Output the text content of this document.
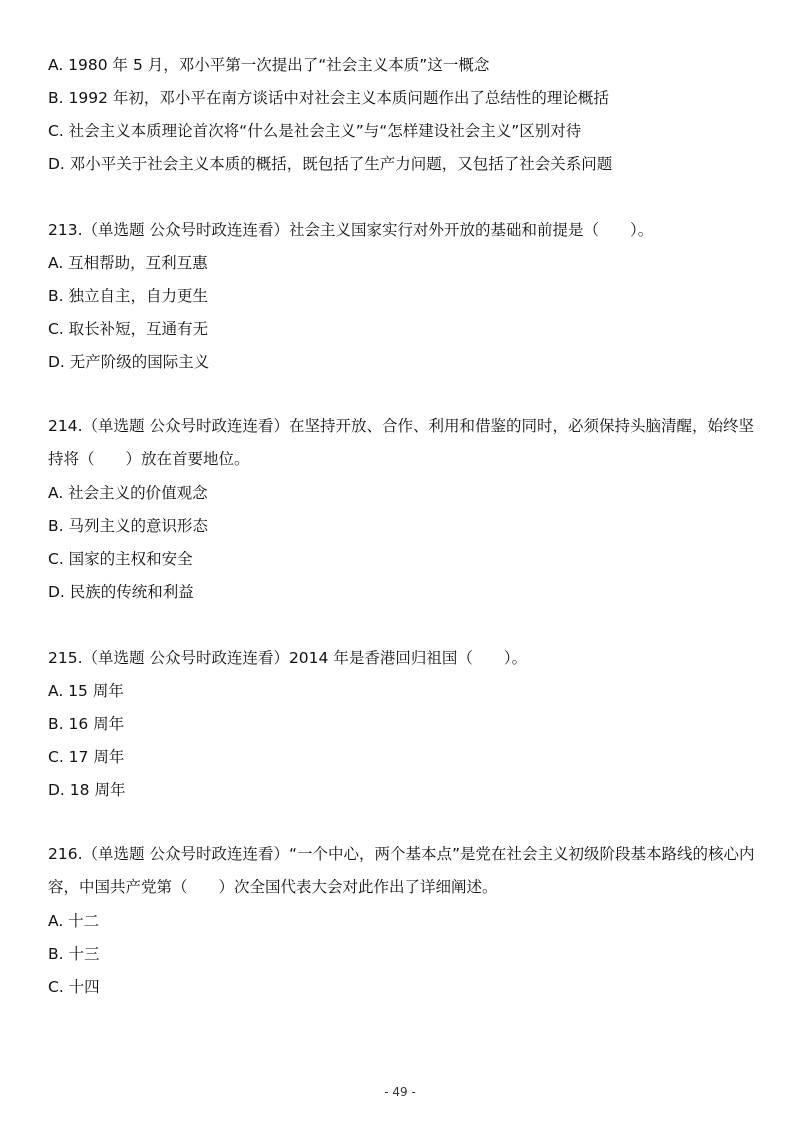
A. 1980 年 5 月，邓小平第一次提出了“社会主义本质”这一概念
B. 1992 年初，邓小平在南方谈话中对社会主义本质问题作出了总结性的理论概括
C. 社会主义本质理论首次将“什么是社会主义”与“怎样建设社会主义”区别对待
D. 邓小平关于社会主义本质的概括，既包括了生产力问题，又包括了社会关系问题
213.（单选题 公众号时政连连看）社会主义国家实行对外开放的基础和前提是（　　）。
A. 互相帮助，互利互惠
B. 独立自主，自力更生
C. 取长补短，互通有无
D. 无产阶级的国际主义
214.（单选题 公众号时政连连看）在坚持开放、合作、利用和借鉴的同时，必须保持头脑清醒，始终坚持将（　　）放在首要地位。
A. 社会主义的价值观念
B. 马列主义的意识形态
C. 国家的主权和安全
D. 民族的传统和利益
215.（单选题 公众号时政连连看）2014 年是香港回归祖国（　　）。
A. 15 周年
B. 16 周年
C. 17 周年
D. 18 周年
216.（单选题 公众号时政连连看）“一个中心，两个基本点”是党在社会主义初级阶段基本路线的核心内容，中国共产党第（　　）次全国代表大会对此作出了详细阐述。
A. 十二
B. 十三
C. 十四
- 49 -
